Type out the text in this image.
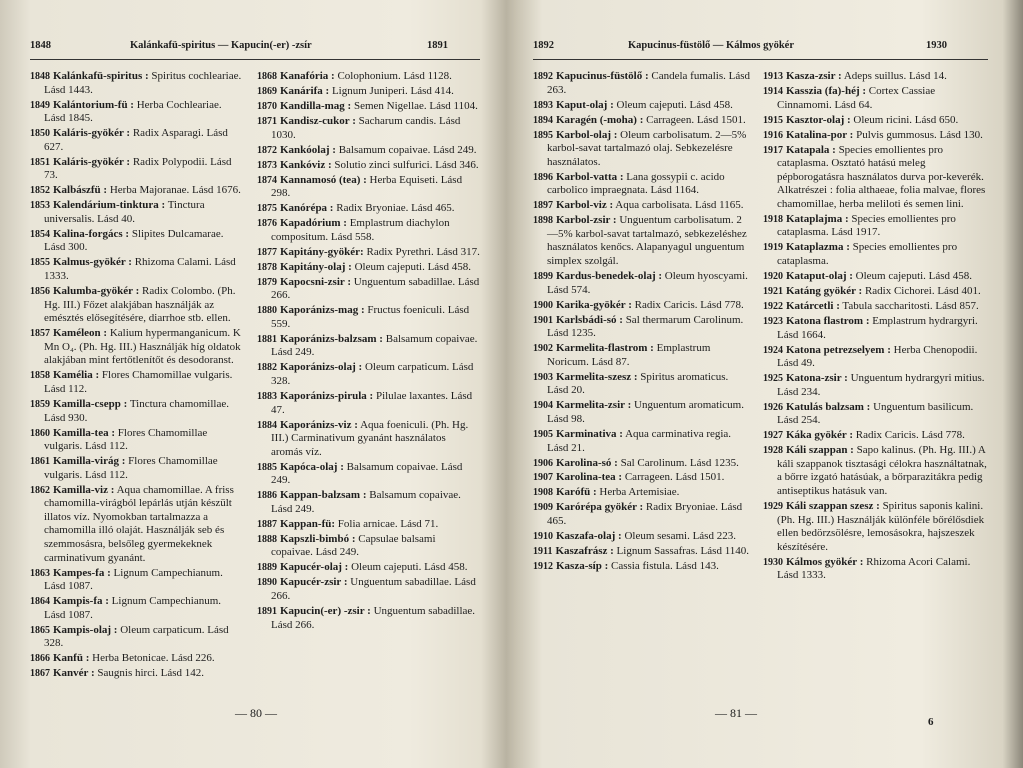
1848	Kalánkafü-spiritus — Kapucin(-er) -zsír	1891
1848 Kalánkafü-spiritus : Spiritus cochleariae. Lásd 1443.
1849 Kalántorium-fü : Herba Cochleariae. Lásd 1845.
1850 Kaláris-gyökér : Radix Asparagi. Lásd 627.
1851 Kaláris-gyökér : Radix Polypodii. Lásd 73.
1852 Kalbászfü : Herba Majoranae. Lásd 1676.
1853 Kalendárium-tinktura : Tinctura universalis. Lásd 40.
1854 Kalina-forgács : Slipites Dulcamarae. Lásd 300.
1855 Kalmus-gyökér : Rhizoma Calami. Lásd 1333.
1856 Kalumba-gyökér : Radix Colombo. (Ph. Hg. III.) Főzet alakjában használják az emésztés elősegítésére, diarrhoe stb. ellen.
1857 Kaméleon : Kalium hypermanganicum. K Mn O₄. (Ph. Hg. III.) Használják híg oldatok alakjában mint fertőtlenítőt és desodoranst.
1858 Kamélia : Flores Chamomillae vulgaris. Lásd 112.
1859 Kamilla-csepp : Tinctura chamomillae. Lásd 930.
1860 Kamilla-tea : Flores Chamomillae vulgaris. Lásd 112.
1861 Kamilla-virág : Flores Chamomillae vulgaris. Lásd 112.
1862 Kamilla-viz : Aqua chamomillae. A friss chamomilla-virágból lepárlás utján készült illatos víz. Nyomokban tartalmazza a chamomilla illó olaját. Használják seb és szemmosásra, belsőleg gyermekeknek carminativum gyanánt.
1863 Kampes-fa : Lignum Campechianum. Lásd 1087.
1864 Kampis-fa : Lignum Campechianum. Lásd 1087.
1865 Kampis-olaj : Oleum carpaticum. Lásd 328.
1866 Kanfü : Herba Betonicae. Lásd 226.
1867 Kanvér : Saugnis hirci. Lásd 142.
1868 Kanafória : Colophonium. Lásd 1128.
1869 Kanárifa : Lignum Juniperi. Lásd 414.
1870 Kandilla-mag : Semen Nigellae. Lásd 1104.
1871 Kandisz-cukor : Sacharum candis. Lásd 1030.
1872 Kankóolaj : Balsamum copaivae. Lásd 249.
1873 Kankóviz : Solutio zinci sulfurici. Lásd 346.
1874 Kannamosó (tea) : Herba Equiseti. Lásd 298.
1875 Kanórépa : Radix Bryoniae. Lásd 465.
1876 Kapadórium : Emplastrum diachylon compositum. Lásd 558.
1877 Kapitány-gyökér: Radix Pyrethri. Lásd 317.
1878 Kapitány-olaj : Oleum cajeputi. Lásd 458.
1879 Kapocsni-zsir : Unguentum sabadillae. Lásd 266.
1880 Kaporánizs-mag : Fructus foeniculi. Lásd 559.
1881 Kaporánizs-balzsam : Balsamum copaivae. Lásd 249.
1882 Kaporánizs-olaj : Oleum carpaticum. Lásd 328.
1883 Kaporánizs-pirula : Pilulae laxantes. Lásd 47.
1884 Kaporánizs-viz : Aqua foeniculi. (Ph. Hg. III.) Carminativum gyanánt használatos aromás víz.
1885 Kapóca-olaj : Balsamum copaivae. Lásd 249.
1886 Kappan-balzsam : Balsamum copaivae. Lásd 249.
1887 Kappan-fü: Folia arnicae. Lásd 71.
1888 Kapszli-bimbó : Capsulae balsami copaivae. Lásd 249.
1889 Kapucér-olaj : Oleum cajeputi. Lásd 458.
1890 Kapucér-zsir : Unguentum sabadillae. Lásd 266.
1891 Kapucin(-er) -zsir : Unguentum sabadillae. Lásd 266.
— 80 —
1892	Kapucinus-füstölő — Kálmos gyökér	1930
1892 Kapucinus-füstölő : Candela fumalis. Lásd 263.
1893 Kaput-olaj : Oleum cajeputi. Lásd 458.
1894 Karagén (-moha) : Carrageen. Lásd 1501.
1895 Karbol-olaj : Oleum carbolisatum. 2—5% karbol-savat tartalmazó olaj. Sebkezelésre használatos.
1896 Karbol-vatta : Lana gossypii c. acido carbolico impraegnata. Lásd 1164.
1897 Karbol-viz : Aqua carbolisata. Lásd 1165.
1898 Karbol-zsir : Unguentum carbolisatum. 2—5% karbol-savat tartalmazó, sebkezeléshez használatos kenőcs. Alapanyagul unguentum simplex szolgál.
1899 Kardus-benedek-olaj : Oleum hyoscyami. Lásd 574.
1900 Karika-gyökér : Radix Caricis. Lásd 778.
1901 Karlsbádi-só : Sal thermarum Carolinum. Lásd 1235.
1902 Karmelita-flastrom : Emplastrum Noricum. Lásd 87.
1903 Karmelita-szesz : Spiritus aromaticus. Lásd 20.
1904 Karmelita-zsir : Unguentum aromaticum. Lásd 98.
1905 Karminativa : Aqua carminativa regia. Lásd 21.
1906 Karolina-só : Sal Carolinum. Lásd 1235.
1907 Karolina-tea : Carrageen. Lásd 1501.
1908 Karófü : Herba Artemisiae.
1909 Karórépa gyökér : Radix Bryoniae. Lásd 465.
1910 Kaszafa-olaj : Oleum sesami. Lásd 223.
1911 Kaszafrász : Lignum Sassafras. Lásd 1140.
1912 Kasza-síp : Cassia fistula. Lásd 143.
1913 Kasza-zsir : Adeps suillus. Lásd 14.
1914 Kasszia (fa)-héj : Cortex Cassiae Cinnamomi. Lásd 64.
1915 Kasztor-olaj : Oleum ricini. Lásd 650.
1916 Katalina-por : Pulvis gummosus. Lásd 130.
1917 Katapala : Species emollientes pro cataplasma. Osztató hatású meleg pépborogatásra használatos durva por-keverék. Alkatrészei : folia althaeae, folia malvae, flores chamomillae, herba meliloti és semen lini.
1918 Kataplajma : Species emollientes pro cataplasma. Lásd 1917.
1919 Kataplazma : Species emollientes pro cataplasma.
1920 Kataput-olaj : Oleum cajeputi. Lásd 458.
1921 Katáng gyökér : Radix Cichorei. Lásd 401.
1922 Katárcetli : Tabula saccharitosti. Lásd 857.
1923 Katona flastrom : Emplastrum hydrargyri. Lásd 1664.
1924 Katona petrezselyem : Herba Chenopodii. Lásd 49.
1925 Katona-zsir : Unguentum hydrargyri mitius. Lásd 234.
1926 Katulás balzsam : Unguentum basilicum. Lásd 254.
1927 Káka gyökér : Radix Caricis. Lásd 778.
1928 Káli szappan : Sapo kalinus. (Ph. Hg. III.) A káli szappanok tisztasági célokra használtatnak, a bőrre izgató hatásúak, a bőrparazitákra pedig antiseptikus hatásuk van.
1929 Káli szappan szesz : Spiritus saponis kalini. (Ph. Hg. III.) Használják különféle bőrélősdiek ellen bedörzsölésre, lemosásokra, hajszeszek készítésére.
1930 Kálmos gyökér : Rhizoma Acori Calami. Lásd 1333.
— 81 —
6
